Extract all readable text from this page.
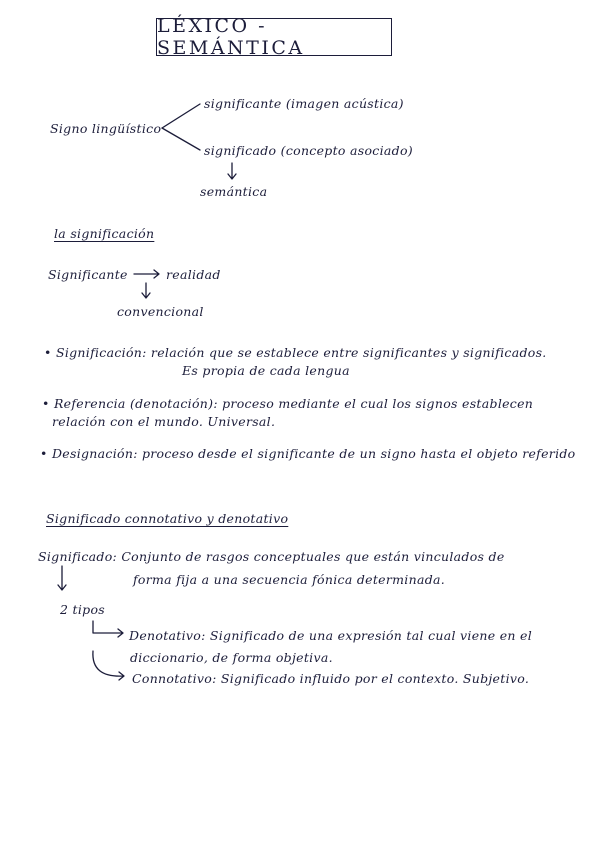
LÉXICO - SEMÁNTICA
Signo lingüístico
significante (imagen acústica)
significado (concepto asociado)
semántica
la significación
Significante	realidad
convencional
• Significación: relación que se establece entre significantes y significados.
Es propia de cada lengua
• Referencia (denotación): proceso mediante el cual los signos establecen
relación con el mundo. Universal.
• Designación: proceso desde el significante de un signo hasta el objeto referido
Significado connotativo y denotativo
Significado: Conjunto de rasgos conceptuales que están vinculados de
forma fija a una secuencia fónica determinada.
2 tipos
Denotativo: Significado de una expresión tal cual viene en el
diccionario, de forma objetiva.
Connotativo: Significado influido por el contexto. Subjetivo.
